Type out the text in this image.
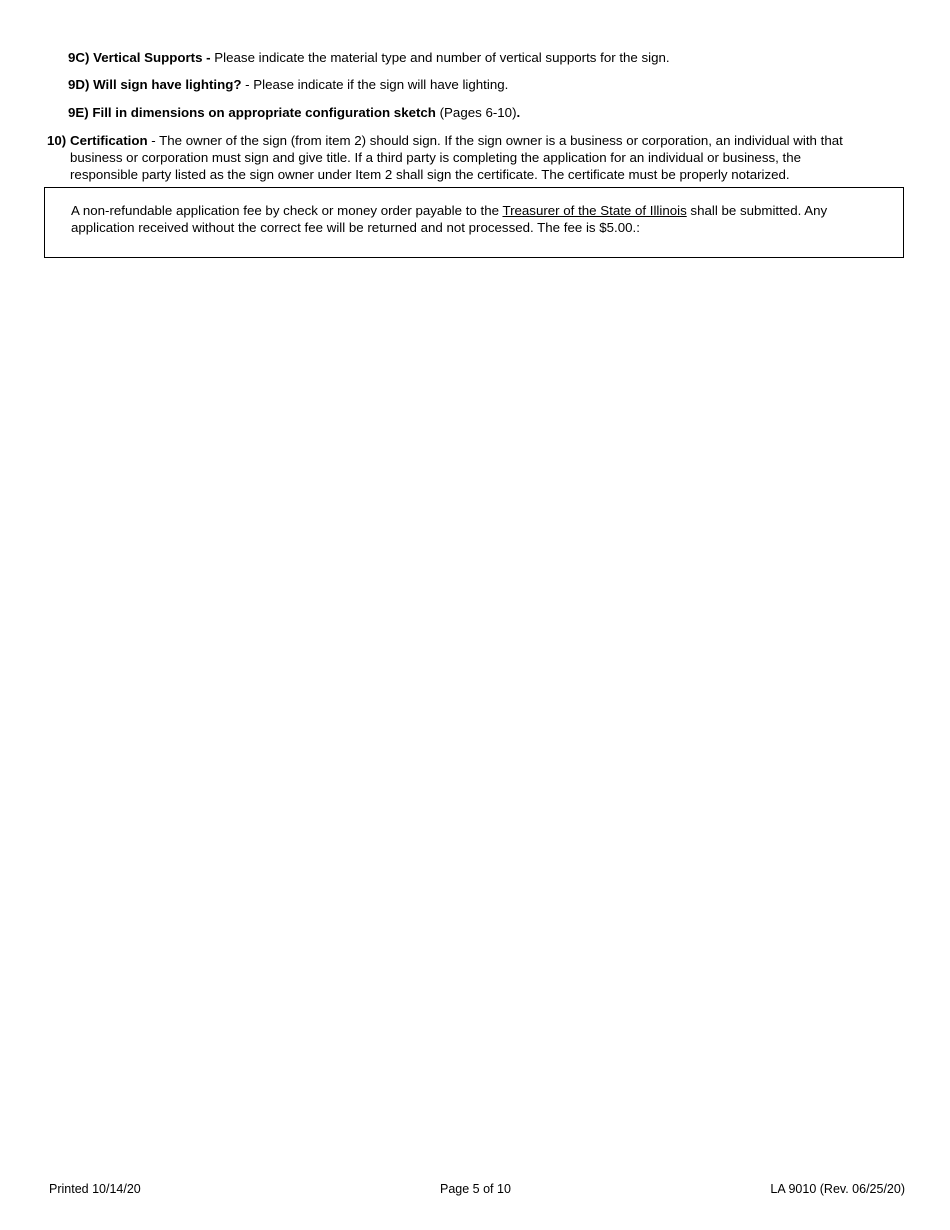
9C) Vertical Supports - Please indicate the material type and number of vertical supports for the sign.
9D) Will sign have lighting? - Please indicate if the sign will have lighting.
9E) Fill in dimensions on appropriate configuration sketch (Pages 6-10).
10) Certification - The owner of the sign (from item 2) should sign. If the sign owner is a business or corporation, an individual with that
business or corporation must sign and give title. If a third party is completing the application for an individual or business, the
responsible party listed as the sign owner under Item 2 shall sign the certificate. The certificate must be properly notarized.
A non-refundable application fee by check or money order payable to the Treasurer of the State of Illinois shall be submitted. Any
application received without the correct fee will be returned and not processed. The fee is $5.00.:
Printed 10/14/20	Page 5 of 10	LA 9010 (Rev. 06/25/20)
